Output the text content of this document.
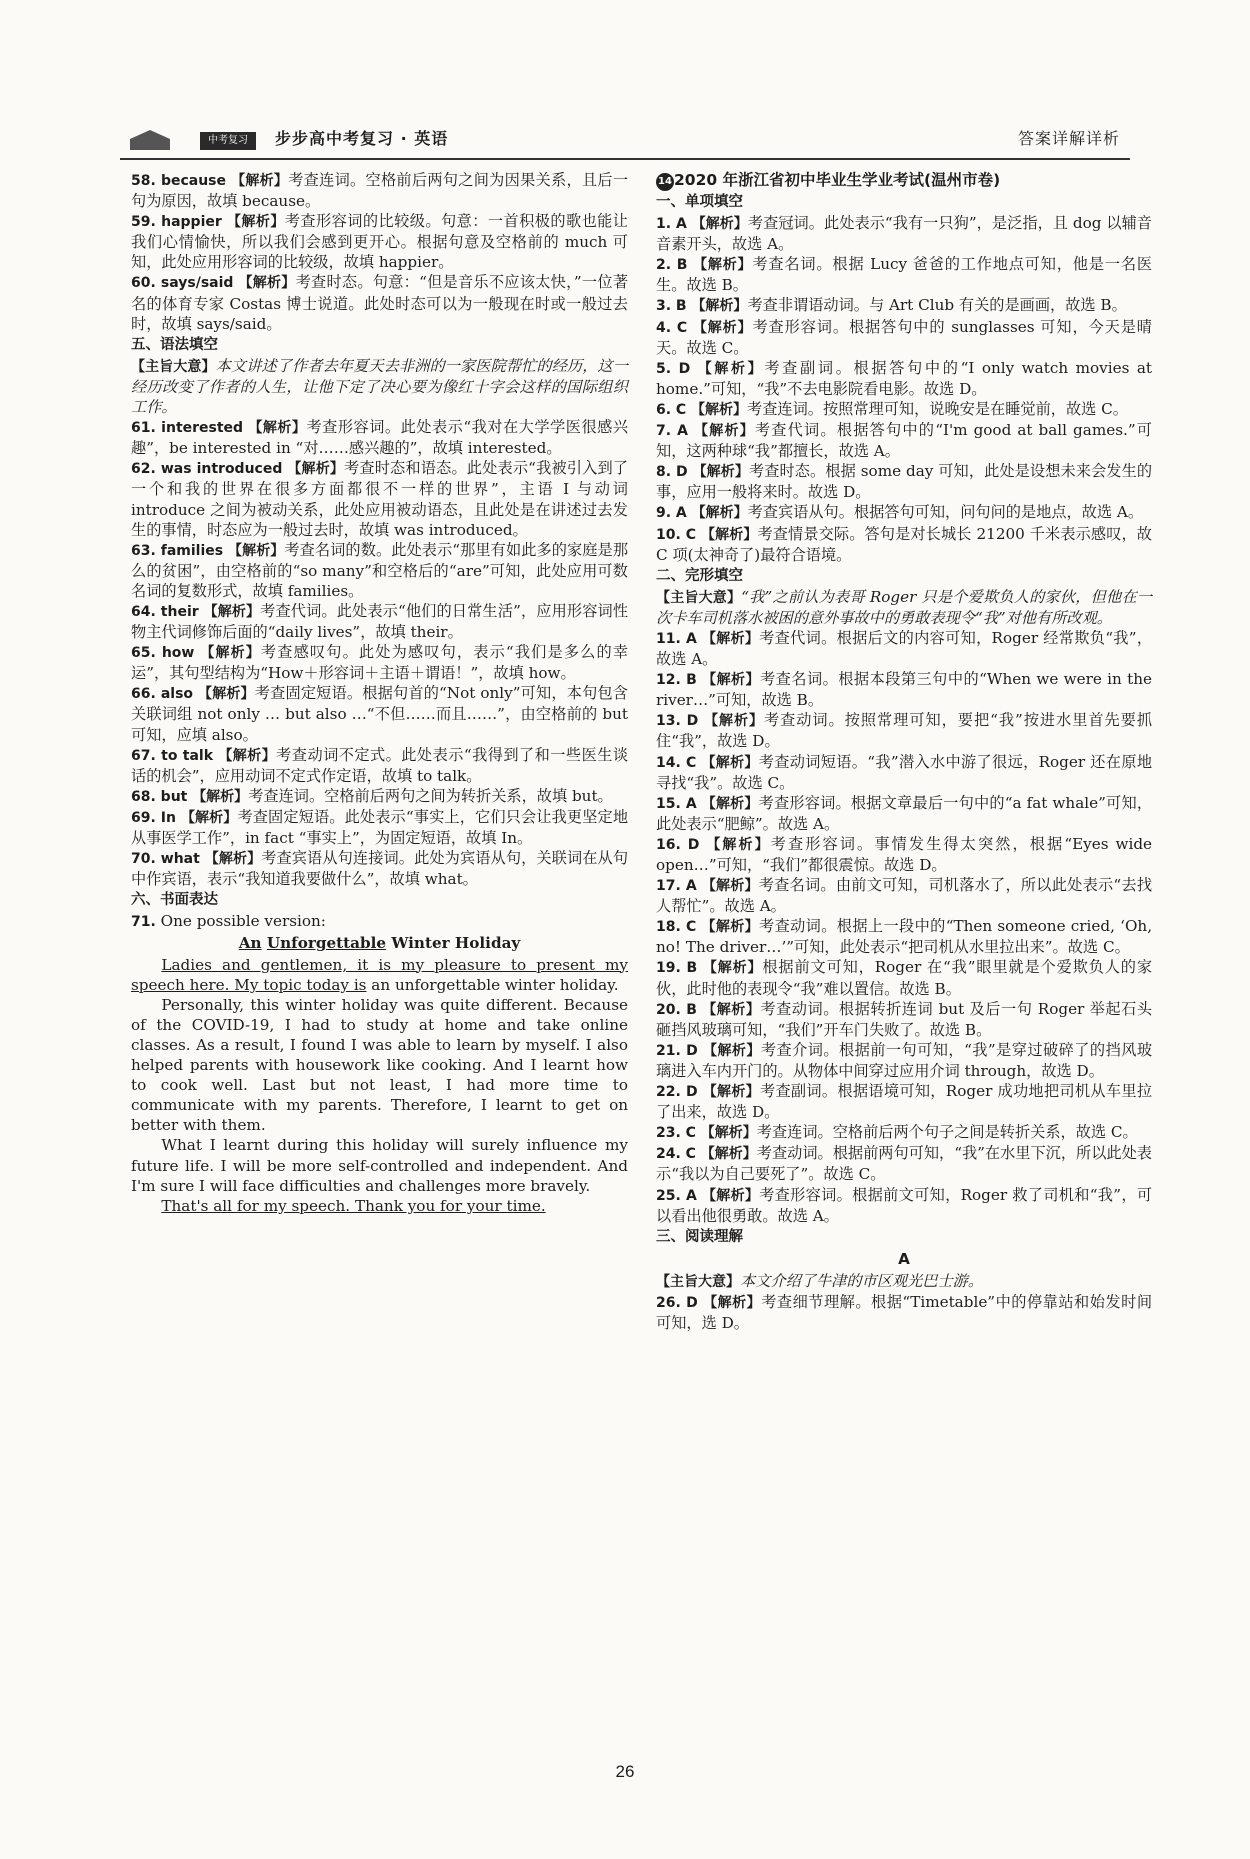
中考复习	步步高中考复习 · 英语	答案详解详析

58. because 【解析】考查连词。空格前后两句之间为因果关系，且后一句为原因，故填 because。

59. happier 【解析】考查形容词的比较级。句意：一首积极的歌也能让我们心情愉快，所以我们会感到更开心。根据句意及空格前的 much 可知，此处应用形容词的比较级，故填 happier。

60. says/said 【解析】考查时态。句意：“但是音乐不应该太快，”一位著名的体育专家 Costas 博士说道。此处时态可以为一般现在时或一般过去时，故填 says/said。

五、语法填空

【主旨大意】本文讲述了作者去年夏天去非洲的一家医院帮忙的经历，这一经历改变了作者的人生，让他下定了决心要为像红十字会这样的国际组织工作。

61. interested 【解析】考查形容词。此处表示“我对在大学学医很感兴趣”，be interested in “对……感兴趣的”，故填 interested。

62. was introduced 【解析】考查时态和语态。此处表示“我被引入到了一个和我的世界在很多方面都很不一样的世界”，主语 I 与动词 introduce 之间为被动关系，此处应用被动语态，且此处是在讲述过去发生的事情，时态应为一般过去时，故填 was introduced。

63. families 【解析】考查名词的数。此处表示“那里有如此多的家庭是那么的贫困”，由空格前的“so many”和空格后的“are”可知，此处应用可数名词的复数形式，故填 families。

64. their 【解析】考查代词。此处表示“他们的日常生活”，应用形容词性物主代词修饰后面的“daily lives”，故填 their。

65. how 【解析】考查感叹句。此处为感叹句，表示“我们是多么的幸运”，其句型结构为“How＋形容词＋主语＋谓语！”，故填 how。

66. also 【解析】考查固定短语。根据句首的“Not only”可知，本句包含关联词组 not only … but also …“不但……而且……”，由空格前的 but 可知，应填 also。

67. to talk 【解析】考查动词不定式。此处表示“我得到了和一些医生谈话的机会”，应用动词不定式作定语，故填 to talk。

68. but 【解析】考查连词。空格前后两句之间为转折关系，故填 but。

69. In 【解析】考查固定短语。此处表示“事实上，它们只会让我更坚定地从事医学工作”，in fact “事实上”，为固定短语，故填 In。

70. what 【解析】考查宾语从句连接词。此处为宾语从句，关联词在从句中作宾语，表示“我知道我要做什么”，故填 what。

六、书面表达

71. One possible version:

An Unforgettable Winter Holiday

Ladies and gentlemen, it is my pleasure to present my speech here. My topic today is an unforgettable winter holiday.

Personally, this winter holiday was quite different. Because of the COVID-19, I had to study at home and take online classes. As a result, I found I was able to learn by myself. I also helped parents with housework like cooking. And I learnt how to cook well. Last but not least, I had more time to communicate with my parents. Therefore, I learnt to get on better with them.

What I learnt during this holiday will surely influence my future life. I will be more self-controlled and independent. And I'm sure I will face difficulties and challenges more bravely.

That's all for my speech. Thank you for your time.

14 2020 年浙江省初中毕业生学业考试(温州市卷)

一、单项填空

1. A 【解析】考查冠词。此处表示“我有一只狗”，是泛指，且 dog 以辅音音素开头，故选 A。

2. B 【解析】考查名词。根据 Lucy 爸爸的工作地点可知，他是一名医生。故选 B。

3. B 【解析】考查非谓语动词。与 Art Club 有关的是画画，故选 B。

4. C 【解析】考查形容词。根据答句中的 sunglasses 可知，今天是晴天。故选 C。

5. D 【解析】考查副词。根据答句中的“I only watch movies at home.”可知，“我”不去电影院看电影。故选 D。

6. C 【解析】考查连词。按照常理可知，说晚安是在睡觉前，故选 C。

7. A 【解析】考查代词。根据答句中的“I'm good at ball games.”可知，这两种球“我”都擅长，故选 A。

8. D 【解析】考查时态。根据 some day 可知，此处是设想未来会发生的事，应用一般将来时。故选 D。

9. A 【解析】考查宾语从句。根据答句可知，问句问的是地点，故选 A。

10. C 【解析】考查情景交际。答句是对长城长 21200 千米表示感叹，故 C 项(太神奇了)最符合语境。

二、完形填空

【主旨大意】“我”之前认为表哥 Roger 只是个爱欺负人的家伙，但他在一次卡车司机落水被困的意外事故中的勇敢表现令“我”对他有所改观。

11. A 【解析】考查代词。根据后文的内容可知，Roger 经常欺负“我”，故选 A。

12. B 【解析】考查名词。根据本段第三句中的“When we were in the river…”可知，故选 B。

13. D 【解析】考查动词。按照常理可知，要把“我”按进水里首先要抓住“我”，故选 D。

14. C 【解析】考查动词短语。“我”潜入水中游了很远，Roger 还在原地寻找“我”。故选 C。

15. A 【解析】考查形容词。根据文章最后一句中的“a fat whale”可知，此处表示“肥鲸”。故选 A。

16. D 【解析】考查形容词。事情发生得太突然，根据“Eyes wide open…”可知，“我们”都很震惊。故选 D。

17. A 【解析】考查名词。由前文可知，司机落水了，所以此处表示“去找人帮忙”。故选 A。

18. C 【解析】考查动词。根据上一段中的“Then someone cried, ‘Oh, no! The driver…’”可知，此处表示“把司机从水里拉出来”。故选 C。

19. B 【解析】根据前文可知，Roger 在“我”眼里就是个爱欺负人的家伙，此时他的表现令“我”难以置信。故选 B。

20. B 【解析】考查动词。根据转折连词 but 及后一句 Roger 举起石头砸挡风玻璃可知，“我们”开车门失败了。故选 B。

21. D 【解析】考查介词。根据前一句可知，“我”是穿过破碎了的挡风玻璃进入车内开门的。从物体中间穿过应用介词 through，故选 D。

22. D 【解析】考查副词。根据语境可知，Roger 成功地把司机从车里拉了出来，故选 D。

23. C 【解析】考查连词。空格前后两个句子之间是转折关系，故选 C。

24. C 【解析】考查动词。根据前两句可知，“我”在水里下沉，所以此处表示“我以为自己要死了”。故选 C。

25. A 【解析】考查形容词。根据前文可知，Roger 救了司机和“我”，可以看出他很勇敢。故选 A。

三、阅读理解

A

【主旨大意】本文介绍了牛津的市区观光巴士游。

26. D 【解析】考查细节理解。根据“Timetable”中的停靠站和始发时间可知，选 D。

26
